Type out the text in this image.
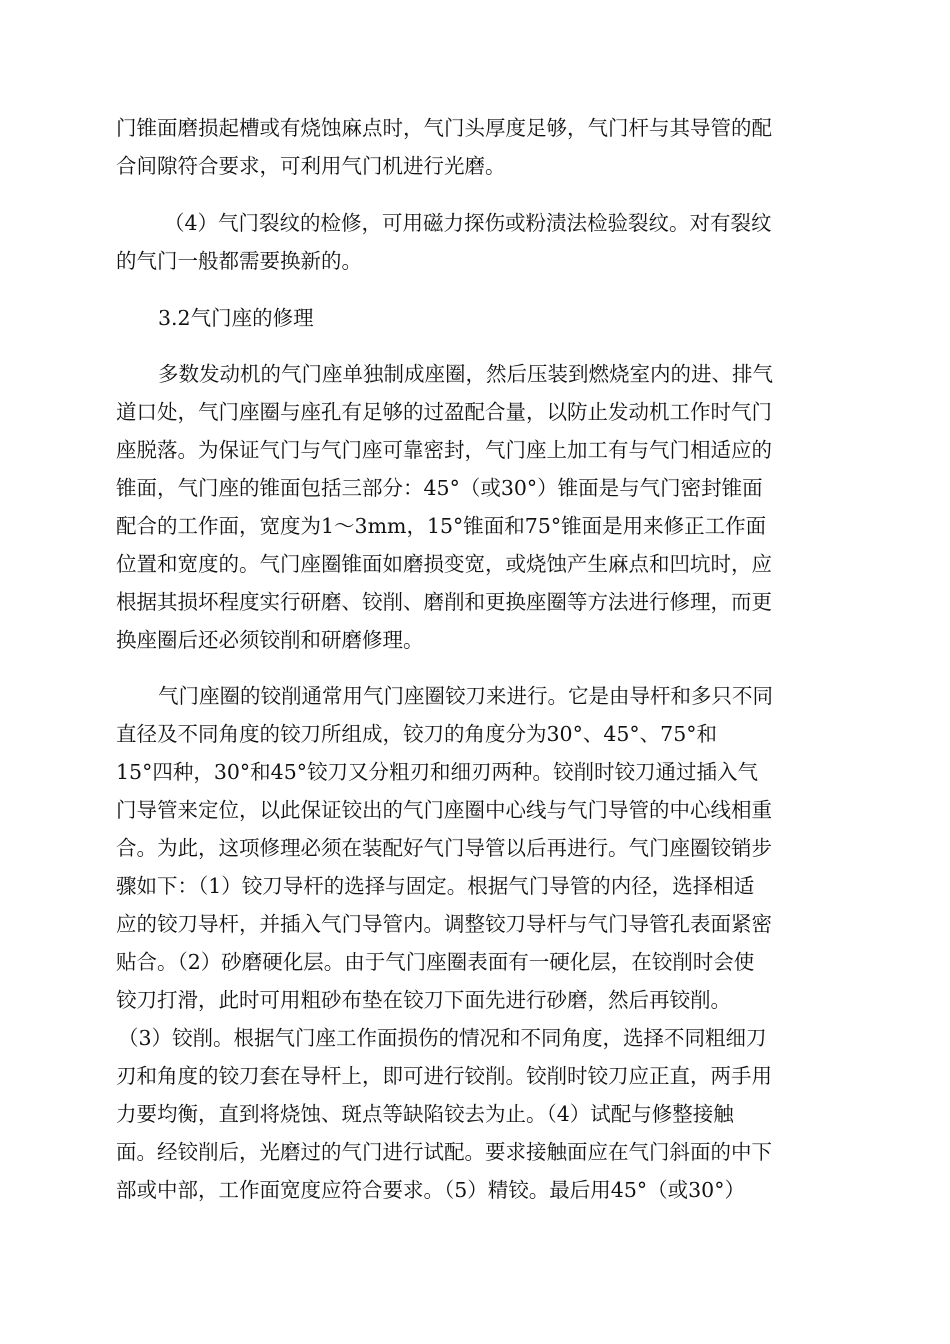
门锥面磨损起槽或有烧蚀麻点时，气门头厚度足够，气门杆与其导管的配
合间隙符合要求，可利用气门机进行光磨。
（4）气门裂纹的检修，可用磁力探伤或粉渍法检验裂纹。对有裂纹
的气门一般都需要换新的。
3.2气门座的修理
多数发动机的气门座单独制成座圈，然后压装到燃烧室内的进、排气
道口处，气门座圈与座孔有足够的过盈配合量，以防止发动机工作时气门
座脱落。为保证气门与气门座可靠密封，气门座上加工有与气门相适应的
锥面，气门座的锥面包括三部分：45°（或30°）锥面是与气门密封锥面
配合的工作面，宽度为1～3mm，15°锥面和75°锥面是用来修正工作面
位置和宽度的。气门座圈锥面如磨损变宽，或烧蚀产生麻点和凹坑时，应
根据其损坏程度实行研磨、铰削、磨削和更换座圈等方法进行修理，而更
换座圈后还必须铰削和研磨修理。
气门座圈的铰削通常用气门座圈铰刀来进行。它是由导杆和多只不同
直径及不同角度的铰刀所组成，铰刀的角度分为30°、45°、75°和
15°四种，30°和45°铰刀又分粗刃和细刃两种。铰削时铰刀通过插入气
门导管来定位，以此保证铰出的气门座圈中心线与气门导管的中心线相重
合。为此，这项修理必须在装配好气门导管以后再进行。气门座圈铰销步
骤如下：（1）铰刀导杆的选择与固定。根据气门导管的内径，选择相适
应的铰刀导杆，并插入气门导管内。调整铰刀导杆与气门导管孔表面紧密
贴合。（2）砂磨硬化层。由于气门座圈表面有一硬化层，在铰削时会使
铰刀打滑，此时可用粗砂布垫在铰刀下面先进行砂磨，然后再铰削。
（3）铰削。根据气门座工作面损伤的情况和不同角度，选择不同粗细刀
刃和角度的铰刀套在导杆上，即可进行铰削。铰削时铰刀应正直，两手用
力要均衡，直到将烧蚀、斑点等缺陷铰去为止。（4）试配与修整接触
面。经铰削后，光磨过的气门进行试配。要求接触面应在气门斜面的中下
部或中部，工作面宽度应符合要求。（5）精铰。最后用45°（或30°）
